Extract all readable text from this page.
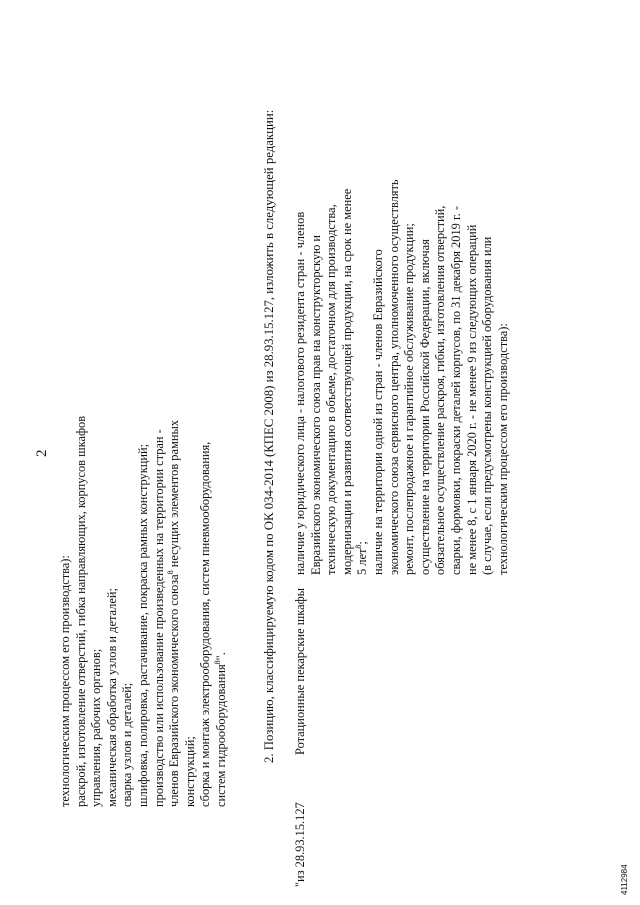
2
технологическим процессом его производства): раскрой, изготовление отверстий, гибка направляющих, корпусов шкафов управления, рабочих органов; механическая обработка узлов и деталей; сварка узлов и деталей; шлифовка, полировка, растачивание, покраска рамных конструкций; производство или использование произведенных на территории стран - членов Евразийского экономического союза$^8$ несущих элементов рамных
конструкций; сборка и монтаж электрооборудования, систем пневмооборудования, систем гидрооборудования$^8$".	2. Позицию, классифицируемую кодом по ОК 034-2014 (КПЕС 2008) из 28.93.15.127, изложить в следующей редакции:
"из 28.93.15.127
Ротационные пекарские шкафы
наличие у юридического лица - налогового резидента стран - членов Евразийского экономического союза прав на конструкторскую и техническую документацию в объеме, достаточном для производства, модернизации и развития соответствующей продукции, на срок не менее 5 лет$^8$; наличие на территории одной из стран - членов Евразийского экономического союза сервисного центра, уполномоченного осуществлять ремонт, послепродажное и гарантийное обслуживание продукции; осуществление на территории Российской Федерации, включая обязательное осуществление раскроя, гибки, изготовления отверстий, сварки, формовки, покраски деталей корпусов, по 31 декабря 2019 г. - не менее 8, с 1 января 2020 г. - не менее 9 из следующих операций (в случае, если предусмотрены конструкцией оборудования или технологическим процессом его производства):
4112984
